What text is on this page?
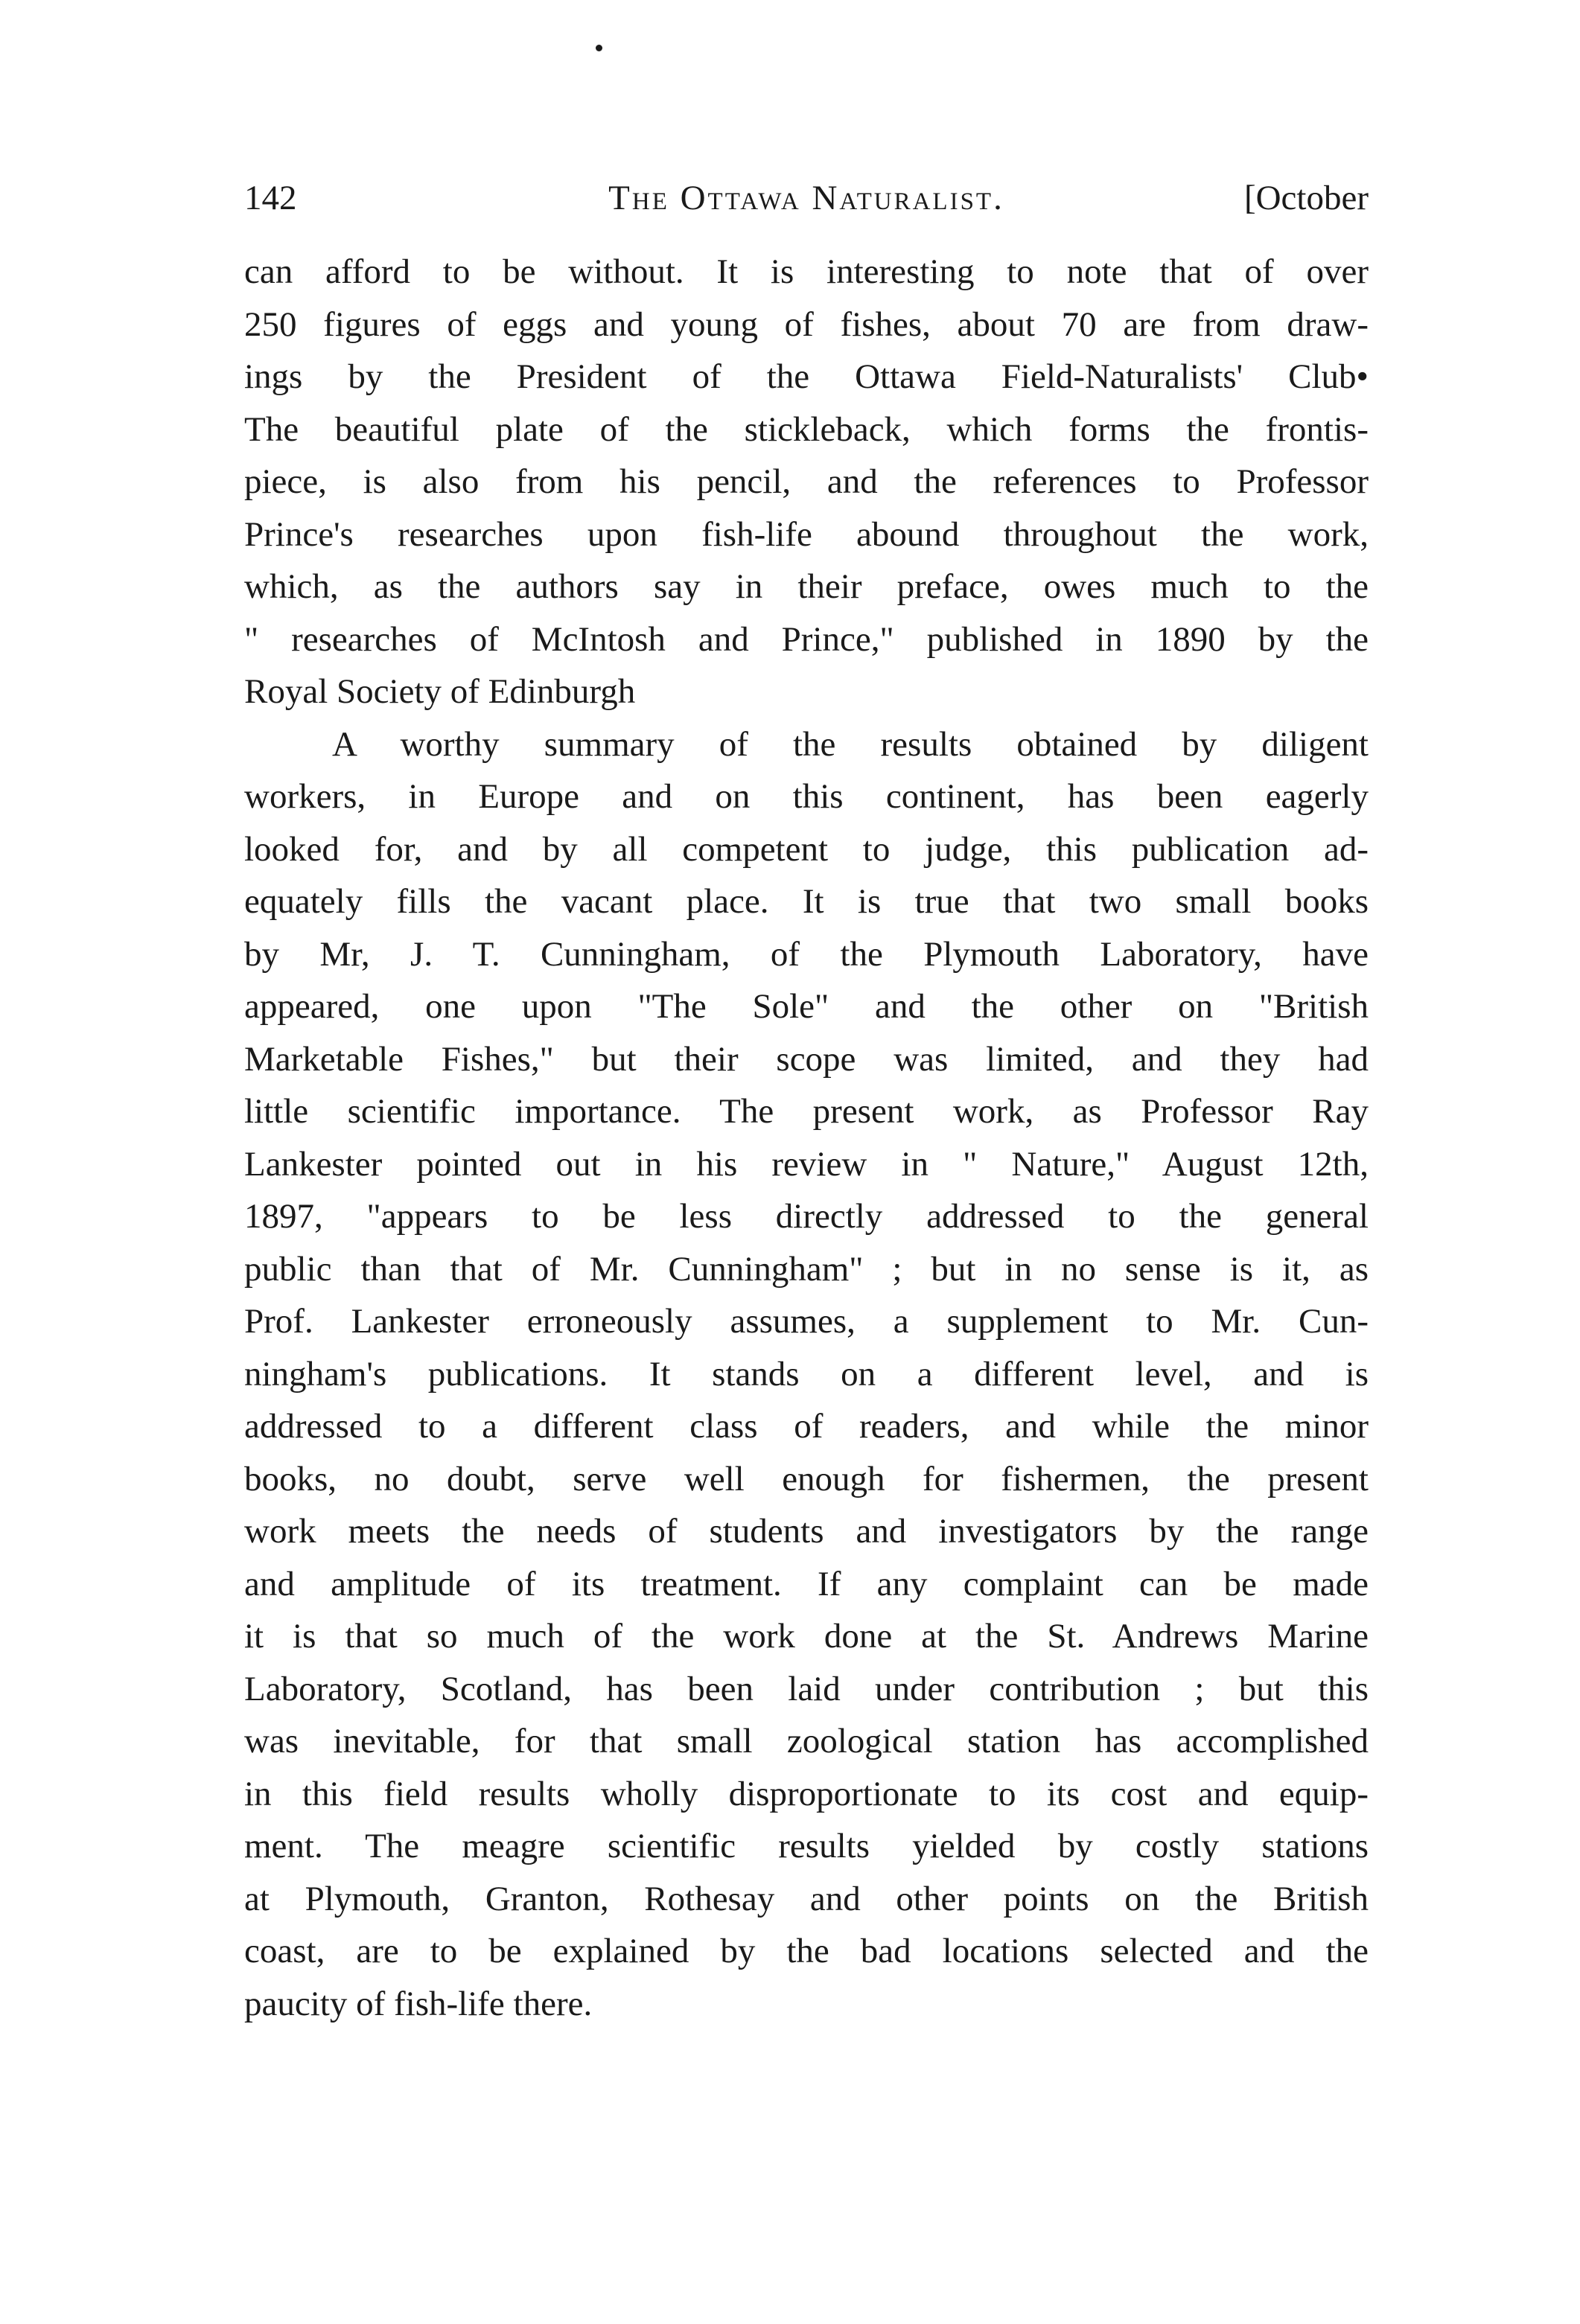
142	The Ottawa Naturalist.	[October
can afford to be without. It is interesting to note that of over
250 figures of eggs and young of fishes, about 70 are from draw-
ings by the President of the Ottawa Field-Naturalists' Club•
The beautiful plate of the stickleback, which forms the frontis-
piece, is also from his pencil, and the references to Professor
Prince's researches upon fish-life abound throughout the work,
which, as the authors say in their preface, owes much to the
" researches of McIntosh and Prince," published in 1890 by the
Royal Society of Edinburgh
A worthy summary of the results obtained by diligent
workers, in Europe and on this continent, has been eagerly
looked for, and by all competent to judge, this publication ad-
equately fills the vacant place. It is true that two small books
by Mr, J. T. Cunningham, of the Plymouth Laboratory, have
appeared, one upon "The Sole" and the other on "British
Marketable Fishes," but their scope was limited, and they had
little scientific importance. The present work, as Professor Ray
Lankester pointed out in his review in " Nature," August 12th,
1897, "appears to be less directly addressed to the general
public than that of Mr. Cunningham" ; but in no sense is it, as
Prof. Lankester erroneously assumes, a supplement to Mr. Cun-
ningham's publications. It stands on a different level, and is
addressed to a different class of readers, and while the minor
books, no doubt, serve well enough for fishermen, the present
work meets the needs of students and investigators by the range
and amplitude of its treatment. If any complaint can be made
it is that so much of the work done at the St. Andrews Marine
Laboratory, Scotland, has been laid under contribution ; but this
was inevitable, for that small zoological station has accomplished
in this field results wholly disproportionate to its cost and equip-
ment. The meagre scientific results yielded by costly stations
at Plymouth, Granton, Rothesay and other points on the British
coast, are to be explained by the bad locations selected and the
paucity of fish-life there.
